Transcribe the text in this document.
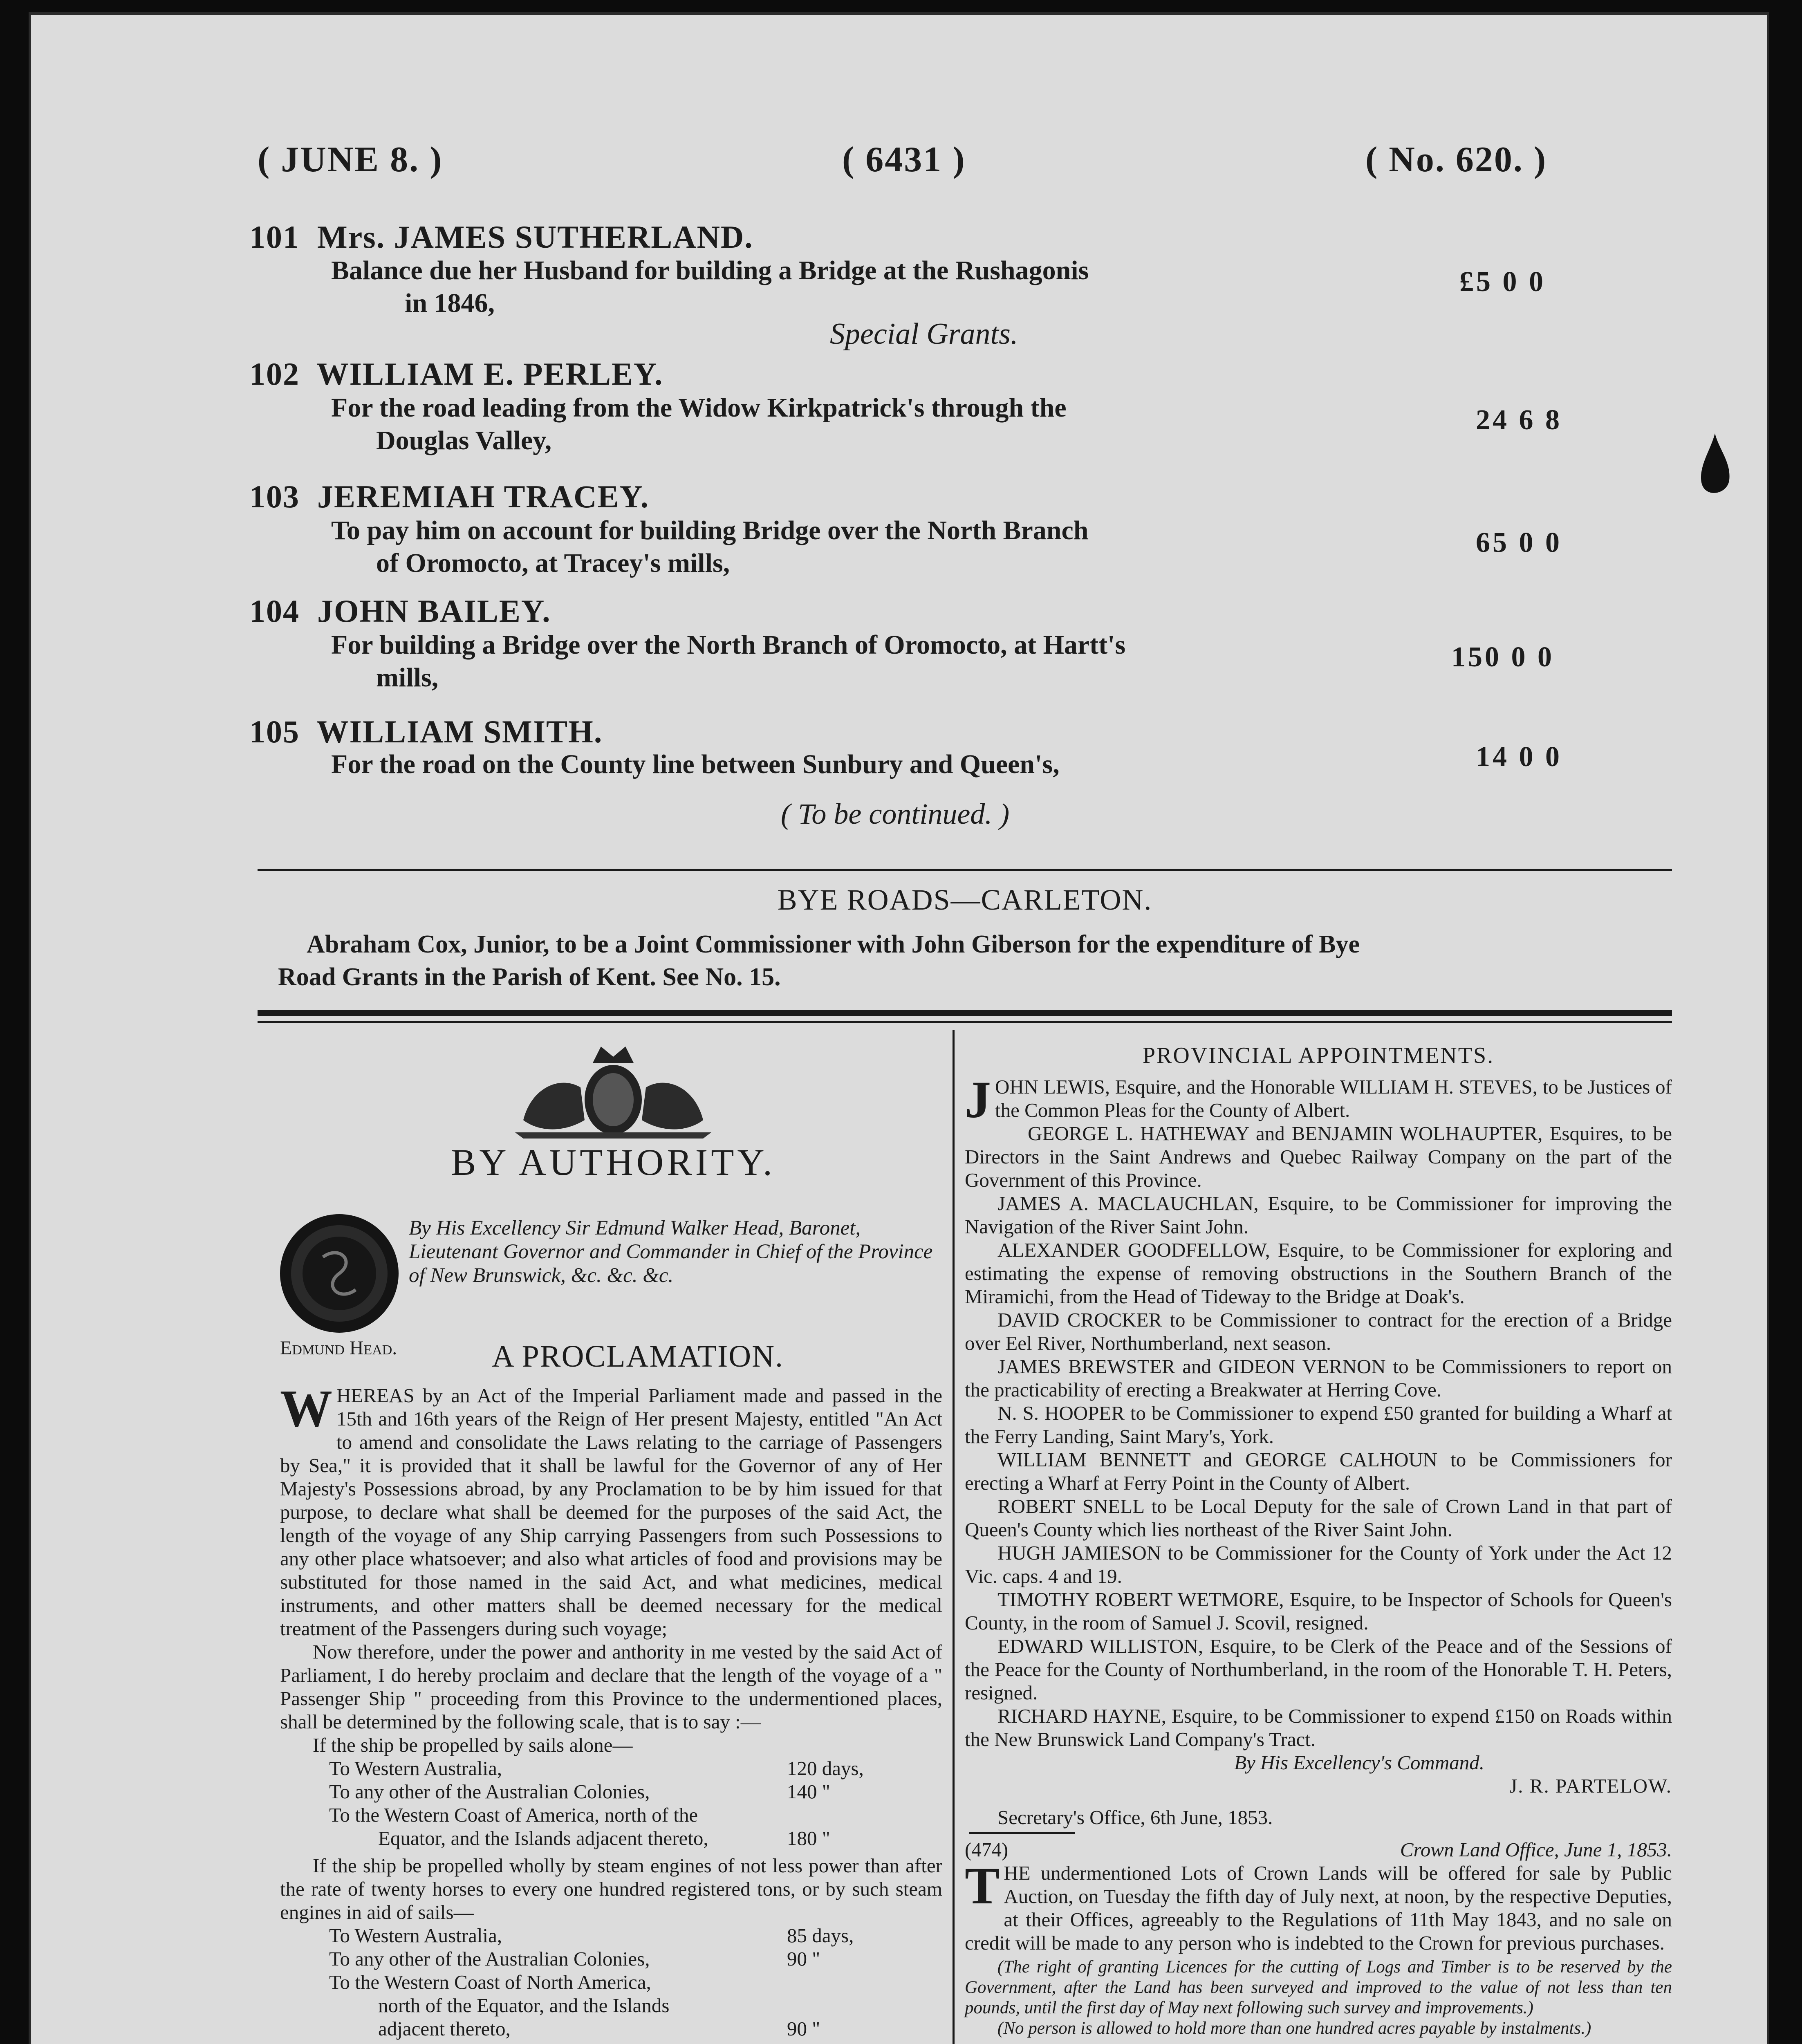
( JUNE 8. )	( 6431 )	( No. 620. )
101 Mrs. JAMES SUTHERLAND.
Balance due her Husband for building a Bridge at the Rushagonis
in 1846,
£5 0 0
Special Grants.
102 WILLIAM E. PERLEY.
For the road leading from the Widow Kirkpatrick's through the
Douglas Valley,
24 6 8
103 JEREMIAH TRACEY.
To pay him on account for building Bridge over the North Branch
of Oromocto, at Tracey's mills,
65 0 0
104 JOHN BAILEY.
For building a Bridge over the North Branch of Oromocto, at Hartt's
mills,
150 0 0
105 WILLIAM SMITH.
For the road on the County line between Sunbury and Queen's,	14 0 0
( To be continued. )
BYE ROADS—CARLETON.
Abraham Cox, Junior, to be a Joint Commissioner with John Giberson for the expenditure of Bye
Road Grants in the Parish of Kent. See No. 15.
BY AUTHORITY.
By His Excellency Sir Edmund Walker Head, Baronet, Lieutenant Governor and Commander in Chief of the Province of New Brunswick, &c. &c. &c.
Edmund Head.	A PROCLAMATION.

WHEREAS by an Act of the Imperial Parliament made and passed in the 15th and 16th years of the Reign of Her present Majesty, entitled "An Act to amend and consolidate the Laws relating to the carriage of Passengers by Sea," it is provided that it shall be lawful for the Governor of any of Her Majesty's Possessions abroad, by any Proclamation to be by him issued for that purpose, to declare what shall be deemed for the purposes of the said Act, the length of the voyage of any Ship carrying Passengers from such Possessions to any other place whatsoever; and also what articles of food and provisions may be substituted for those named in the said Act, and what medicines, medical instruments, and other matters shall be deemed necessary for the medical treatment of the Passengers during such voyage;

Now therefore, under the power and anthority in me vested by the said Act of Parliament, I do hereby proclaim and declare that the length of the voyage of a " Passenger Ship " proceeding from this Province to the undermentioned places, shall be determined by the following scale, that is to say :—

If the ship be propelled by sails alone—

To Western Australia,	120 days,
To any other of the Australian Colonies,	140 "
To the Western Coast of America, north of the
Equator, and the Islands adjacent thereto,	180 "

If the ship be propelled wholly by steam engines of not less power than after the rate of twenty horses to every one hundred registered tons, or by such steam engines in aid of sails—

To Western Australia,	85 days,
To any other of the Australian Colonies,	90 "
To the Western Coast of North America,
north of the Equator, and the Islands
adjacent thereto,	90 "

PROVINCIAL APPOINTMENTS.

JOHN LEWIS, Esquire, and the Honorable WILLIAM H. STEVES, to be Justices of the Common Pleas for the County of Albert.

GEORGE L. HATHEWAY and BENJAMIN WOLHAUPTER, Esquires, to be Directors in the Saint Andrews and Quebec Railway Company on the part of the Government of this Province.

JAMES A. MACLAUCHLAN, Esquire, to be Commissioner for improving the Navigation of the River Saint John.

ALEXANDER GOODFELLOW, Esquire, to be Commissioner for exploring and estimating the expense of removing obstructions in the Southern Branch of the Miramichi, from the Head of Tideway to the Bridge at Doak's.

DAVID CROCKER to be Commissioner to contract for the erection of a Bridge over Eel River, Northumberland, next season.

JAMES BREWSTER and GIDEON VERNON to be Commissioners to report on the practicability of erecting a Breakwater at Herring Cove.

N. S. HOOPER to be Commissioner to expend £50 granted for building a Wharf at the Ferry Landing, Saint Mary's, York.

WILLIAM BENNETT and GEORGE CALHOUN to be Commissioners for erecting a Wharf at Ferry Point in the County of Albert.

ROBERT SNELL to be Local Deputy for the sale of Crown Land in that part of Queen's County which lies northeast of the River Saint John.

HUGH JAMIESON to be Commissioner for the County of York under the Act 12 Vic. caps. 4 and 19.

TIMOTHY ROBERT WETMORE, Esquire, to be Inspector of Schools for Queen's County, in the room of Samuel J. Scovil, resigned.

EDWARD WILLISTON, Esquire, to be Clerk of the Peace and of the Sessions of the Peace for the County of Northumberland, in the room of the Honorable T. H. Peters, resigned.

RICHARD HAYNE, Esquire, to be Commissioner to expend £150 on Roads within the New Brunswick Land Company's Tract.

By His Excellency's Command.

J. R. PARTELOW.

Secretary's Office, 6th June, 1853.

(474)	Crown Land Office, June 1, 1853.

THE undermentioned Lots of Crown Lands will be offered for sale by Public Auction, on Tuesday the fifth day of July next, at noon, by the respective Deputies, at their Offices, agreeably to the Regulations of 11th May 1843, and no sale on credit will be made to any person who is indebted to the Crown for previous purchases.

(The right of granting Licences for the cutting of Logs and Timber is to be reserved by the Government, after the Land has been surveyed and improved to the value of not less than ten pounds, until the first day of May next following such survey and improvements.)

(No person is allowed to hold more than one hundred acres payable by instalments.)
